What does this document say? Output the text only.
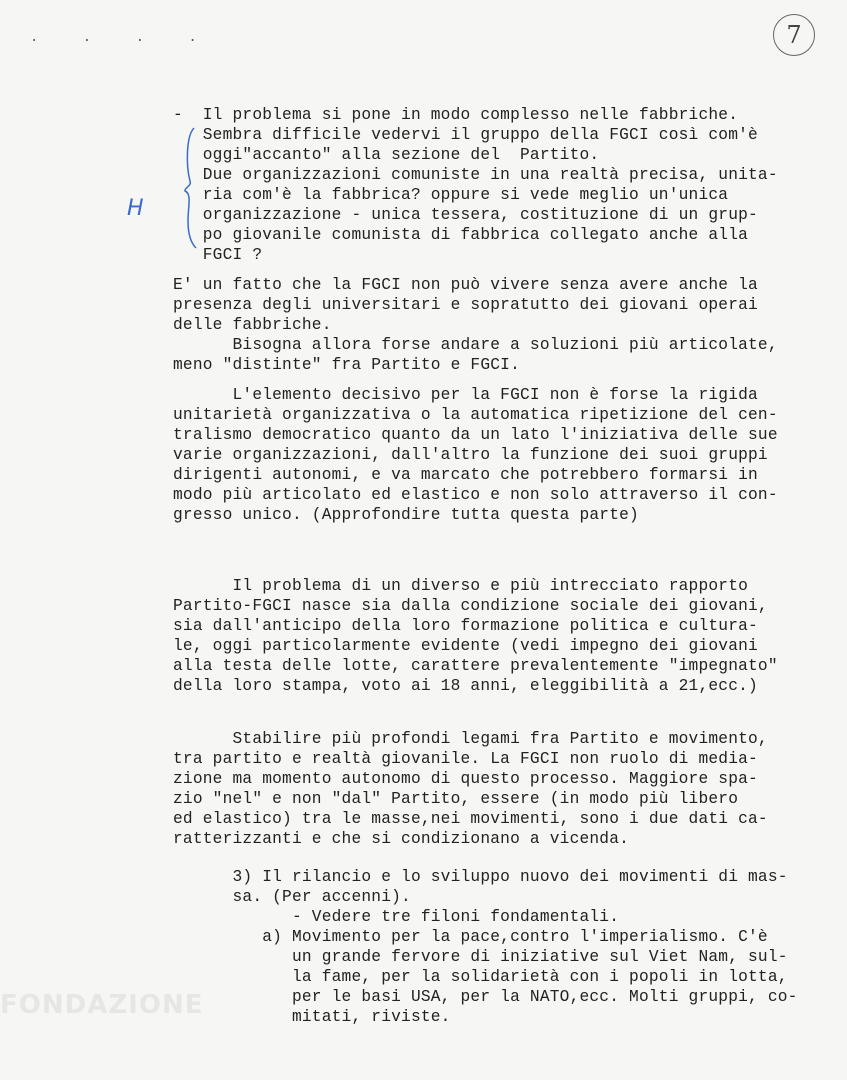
. . . .	7
H
-  Il problema si pone in modo complesso nelle fabbriche.
Sembra difficile vedervi il gruppo della FGCI così com'è
oggi"accanto" alla sezione del  Partito.
Due organizzazioni comuniste in una realtà precisa, unita-
ria com'è la fabbrica? oppure si vede meglio un'unica
organizzazione - unica tessera, costituzione di un grup-
po giovanile comunista di fabbrica collegato anche alla
FGCI ?
E' un fatto che la FGCI non può vivere senza avere anche la
presenza degli universitari e sopratutto dei giovani operai
delle fabbriche.
Bisogna allora forse andare a soluzioni più articolate,
meno "distinte" fra Partito e FGCI.
L'elemento decisivo per la FGCI non è forse la rigida
unitarietà organizzativa o la automatica ripetizione del cen-
tralismo democratico quanto da un lato l'iniziativa delle sue
varie organizzazioni, dall'altro la funzione dei suoi gruppi
dirigenti autonomi, e va marcato che potrebbero formarsi in
modo più articolato ed elastico e non solo attraverso il con-
gresso unico. (Approfondire tutta questa parte)
Il problema di un diverso e più intrecciato rapporto
Partito-FGCI nasce sia dalla condizione sociale dei giovani,
sia dall'anticipo della loro formazione politica e cultura-
le, oggi particolarmente evidente (vedi impegno dei giovani
alla testa delle lotte, carattere prevalentemente "impegnato"
della loro stampa, voto ai 18 anni, eleggibilità a 21,ecc.)
Stabilire più profondi legami fra Partito e movimento,
tra partito e realtà giovanile. La FGCI non ruolo di media-
zione ma momento autonomo di questo processo. Maggiore spa-
zio "nel" e non "dal" Partito, essere (in modo più libero
ed elastico) tra le masse,nei movimenti, sono i due dati ca-
ratterizzanti e che si condizionano a vicenda.
3) Il rilancio e lo sviluppo nuovo dei movimenti di mas-
sa. (Per accenni).
- Vedere tre filoni fondamentali.
a) Movimento per la pace,contro l'imperialismo. C'è
un grande fervore di iniziative sul Viet Nam, sul-
la fame, per la solidarietà con i popoli in lotta,
per le basi USA, per la NATO,ecc. Molti gruppi, co-
mitati, riviste.
FONDAZIONE
